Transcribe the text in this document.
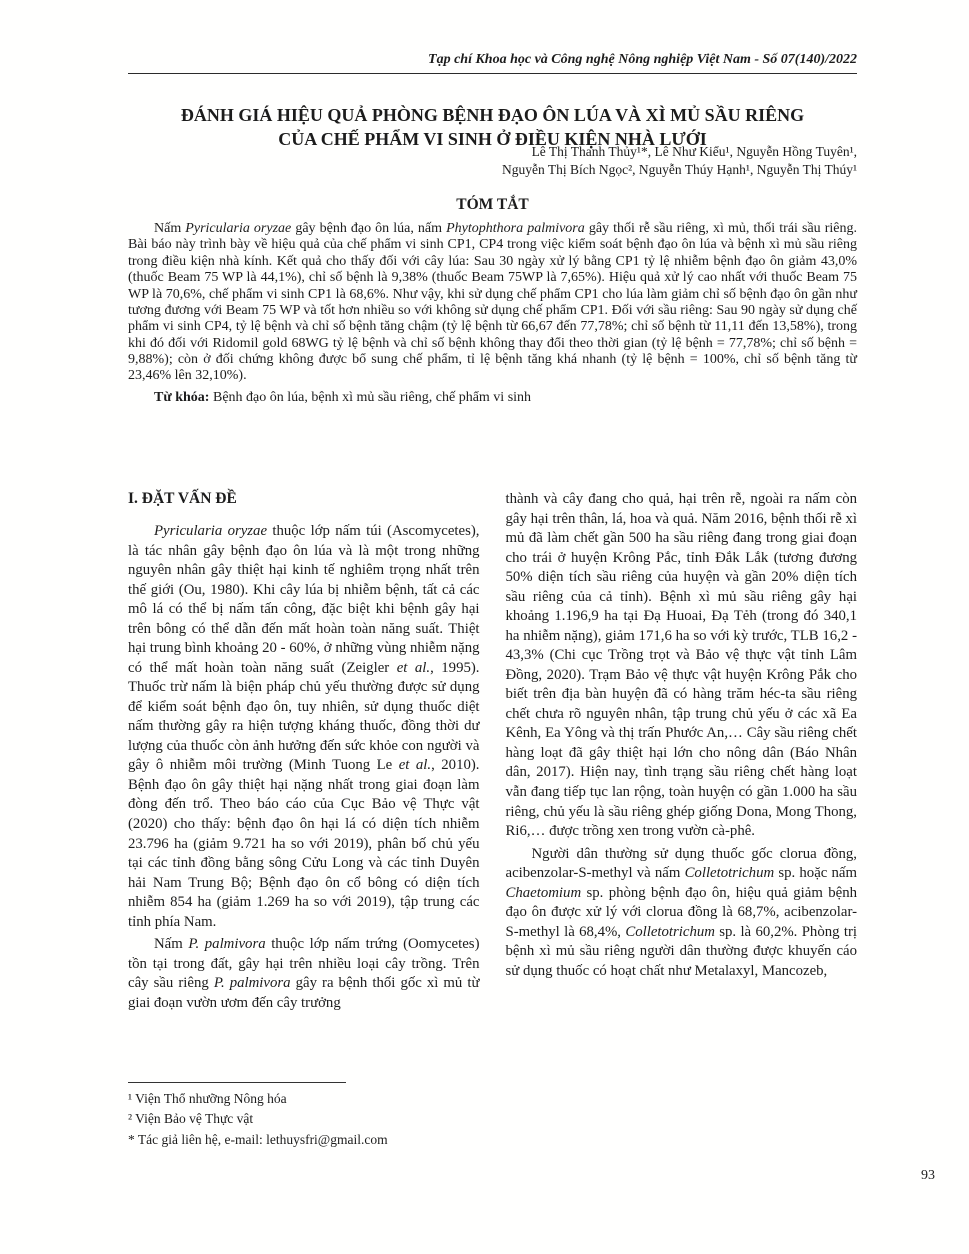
Tạp chí Khoa học và Công nghệ Nông nghiệp Việt Nam - Số 07(140)/2022
ĐÁNH GIÁ HIỆU QUẢ PHÒNG BỆNH ĐẠO ÔN LÚA VÀ XÌ MỦ SẦU RIÊNG
CỦA CHẾ PHẨM VI SINH Ở ĐIỀU KIỆN NHÀ LƯỚI
Lê Thị Thanh Thủy¹*, Lê Như Kiểu¹, Nguyễn Hồng Tuyên¹,
Nguyễn Thị Bích Ngọc², Nguyễn Thúy Hạnh¹, Nguyễn Thị Thúy¹
TÓM TẮT

Nấm Pyricularia oryzae gây bệnh đạo ôn lúa, nấm Phytophthora palmivora gây thối rễ sầu riêng, xì mủ, thối trái sầu riêng. Bài báo này trình bày về hiệu quả của chế phẩm vi sinh CP1, CP4 trong việc kiểm soát bệnh đạo ôn lúa và bệnh xì mủ sầu riêng trong điều kiện nhà kính. Kết quả cho thấy đối với cây lúa: Sau 30 ngày xử lý bằng CP1 tỷ lệ nhiễm bệnh đạo ôn giảm 43,0% (thuốc Beam 75 WP là 44,1%), chỉ số bệnh là 9,38% (thuốc Beam 75WP là 7,65%). Hiệu quả xử lý cao nhất với thuốc Beam 75 WP là 70,6%, chế phẩm vi sinh CP1 là 68,6%. Như vậy, khi sử dụng chế phẩm CP1 cho lúa làm giảm chỉ số bệnh đạo ôn gần như tương đương với Beam 75 WP và tốt hơn nhiều so với không sử dụng chế phẩm CP1. Đối với sầu riêng: Sau 90 ngày sử dụng chế phẩm vi sinh CP4, tỷ lệ bệnh và chỉ số bệnh tăng chậm (tỷ lệ bệnh từ 66,67 đến 77,78%; chỉ số bệnh từ 11,11 đến 13,58%), trong khi đó đối với Ridomil gold 68WG tỷ lệ bệnh và chỉ số bệnh không thay đổi theo thời gian (tỷ lệ bệnh = 77,78%; chỉ số bệnh = 9,88%); còn ở đối chứng không được bổ sung chế phẩm, tỉ lệ bệnh tăng khá nhanh (tỷ lệ bệnh = 100%, chỉ số bệnh tăng từ 23,46% lên 32,10%).

Từ khóa: Bệnh đạo ôn lúa, bệnh xì mủ sầu riêng, chế phẩm vi sinh

I. ĐẶT VẤN ĐỀ

Pyricularia oryzae thuộc lớp nấm túi (Ascomycetes), là tác nhân gây bệnh đạo ôn lúa và là một trong những nguyên nhân gây thiệt hại kinh tế nghiêm trọng nhất trên thế giới (Ou, 1980). Khi cây lúa bị nhiễm bệnh, tất cả các mô lá có thể bị nấm tấn công, đặc biệt khi bệnh gây hại trên bông có thể dẫn đến mất hoàn toàn năng suất. Thiệt hại trung bình khoảng 20 - 60%, ở những vùng nhiễm nặng có thể mất hoàn toàn năng suất (Zeigler et al., 1995). Thuốc trừ nấm là biện pháp chủ yếu thường được sử dụng để kiểm soát bệnh đạo ôn, tuy nhiên, sử dụng thuốc diệt nấm thường gây ra hiện tượng kháng thuốc, đồng thời dư lượng của thuốc còn ảnh hưởng đến sức khỏe con người và gây ô nhiễm môi trường (Minh Tuong Le et al., 2010). Bệnh đạo ôn gây thiệt hại nặng nhất trong giai đoạn làm đòng đến trổ. Theo báo cáo của Cục Bảo vệ Thực vật (2020) cho thấy: bệnh đạo ôn hại lá có diện tích nhiễm 23.796 ha (giảm 9.721 ha so với 2019), phân bố chủ yếu tại các tỉnh đồng bằng sông Cửu Long và các tỉnh Duyên hải Nam Trung Bộ; Bệnh đạo ôn cổ bông có diện tích nhiễm 854 ha (giảm 1.269 ha so với 2019), tập trung các tỉnh phía Nam.

Nấm P. palmivora thuộc lớp nấm trứng (Oomycetes) tồn tại trong đất, gây hại trên nhiều loại cây trồng. Trên cây sầu riêng P. palmivora gây ra bệnh thối gốc xì mủ từ giai đoạn vườn ươm đến cây trưởng

thành và cây đang cho quả, hại trên rễ, ngoài ra nấm còn gây hại trên thân, lá, hoa và quả. Năm 2016, bệnh thối rễ xì mủ đã làm chết gần 500 ha sầu riêng đang trong giai đoạn cho trái ở huyện Krông Pắc, tỉnh Đắk Lắk (tương đương 50% diện tích sầu riêng của huyện và gần 20% diện tích sầu riêng của cả tỉnh). Bệnh xì mủ sầu riêng gây hại khoảng 1.196,9 ha tại Đạ Huoai, Đạ Tẻh (trong đó 340,1 ha nhiễm nặng), giảm 171,6 ha so với kỳ trước, TLB 16,2 - 43,3% (Chi cục Trồng trọt và Bảo vệ thực vật tỉnh Lâm Đồng, 2020). Trạm Bảo vệ thực vật huyện Krông Pắk cho biết trên địa bàn huyện đã có hàng trăm héc-ta sầu riêng chết chưa rõ nguyên nhân, tập trung chủ yếu ở các xã Ea Kênh, Ea Yông và thị trấn Phước An,… Cây sầu riêng chết hàng loạt đã gây thiệt hại lớn cho nông dân (Báo Nhân dân, 2017). Hiện nay, tình trạng sầu riêng chết hàng loạt vẫn đang tiếp tục lan rộng, toàn huyện có gần 1.000 ha sầu riêng, chủ yếu là sầu riêng ghép giống Dona, Mong Thong, Ri6,… được trồng xen trong vườn cà-phê.

Người dân thường sử dụng thuốc gốc clorua đồng, acibenzolar-S-methyl và nấm Colletotrichum sp. hoặc nấm Chaetomium sp. phòng bệnh đạo ôn, hiệu quả giảm bệnh đạo ôn được xử lý với clorua đồng là 68,7%, acibenzolar-S-methyl là 68,4%, Colletotrichum sp. là 60,2%. Phòng trị bệnh xì mủ sầu riêng người dân thường được khuyến cáo sử dụng thuốc có hoạt chất như Metalaxyl, Mancozeb,

¹ Viện Thổ nhưỡng Nông hóa
² Viện Bảo vệ Thực vật
* Tác giả liên hệ, e-mail: lethuysfri@gmail.com
93
